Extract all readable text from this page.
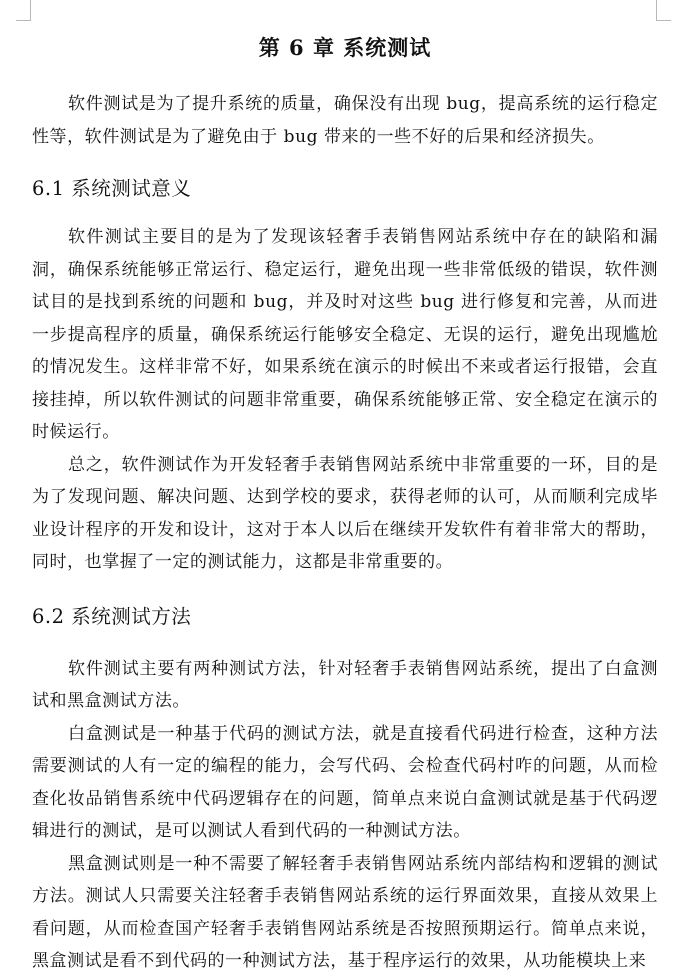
第 6 章 系统测试

软件测试是为了提升系统的质量，确保没有出现 bug，提高系统的运行稳定性等，软件测试是为了避免由于 bug 带来的一些不好的后果和经济损失。

6.1 系统测试意义

软件测试主要目的是为了发现该轻奢手表销售网站系统中存在的缺陷和漏洞，确保系统能够正常运行、稳定运行，避免出现一些非常低级的错误，软件测试目的是找到系统的问题和 bug，并及时对这些 bug 进行修复和完善，从而进一步提高程序的质量，确保系统运行能够安全稳定、无误的运行，避免出现尴尬的情况发生。这样非常不好，如果系统在演示的时候出不来或者运行报错，会直接挂掉，所以软件测试的问题非常重要，确保系统能够正常、安全稳定在演示的时候运行。

总之，软件测试作为开发轻奢手表销售网站系统中非常重要的一环，目的是为了发现问题、解决问题、达到学校的要求，获得老师的认可，从而顺利完成毕业设计程序的开发和设计，这对于本人以后在继续开发软件有着非常大的帮助，同时，也掌握了一定的测试能力，这都是非常重要的。

6.2 系统测试方法

软件测试主要有两种测试方法，针对轻奢手表销售网站系统，提出了白盒测试和黑盒测试方法。

白盒测试是一种基于代码的测试方法，就是直接看代码进行检查，这种方法需要测试的人有一定的编程的能力，会写代码、会检查代码村咋的问题，从而检查化妆品销售系统中代码逻辑存在的问题，简单点来说白盒测试就是基于代码逻辑进行的测试，是可以测试人看到代码的一种测试方法。

黑盒测试则是一种不需要了解轻奢手表销售网站系统内部结构和逻辑的测试方法。测试人只需要关注轻奢手表销售网站系统的运行界面效果，直接从效果上看问题，从而检查国产轻奢手表销售网站系统是否按照预期运行。简单点来说，黑盒测试是看不到代码的一种测试方法，基于程序运行的效果，从功能模块上来
